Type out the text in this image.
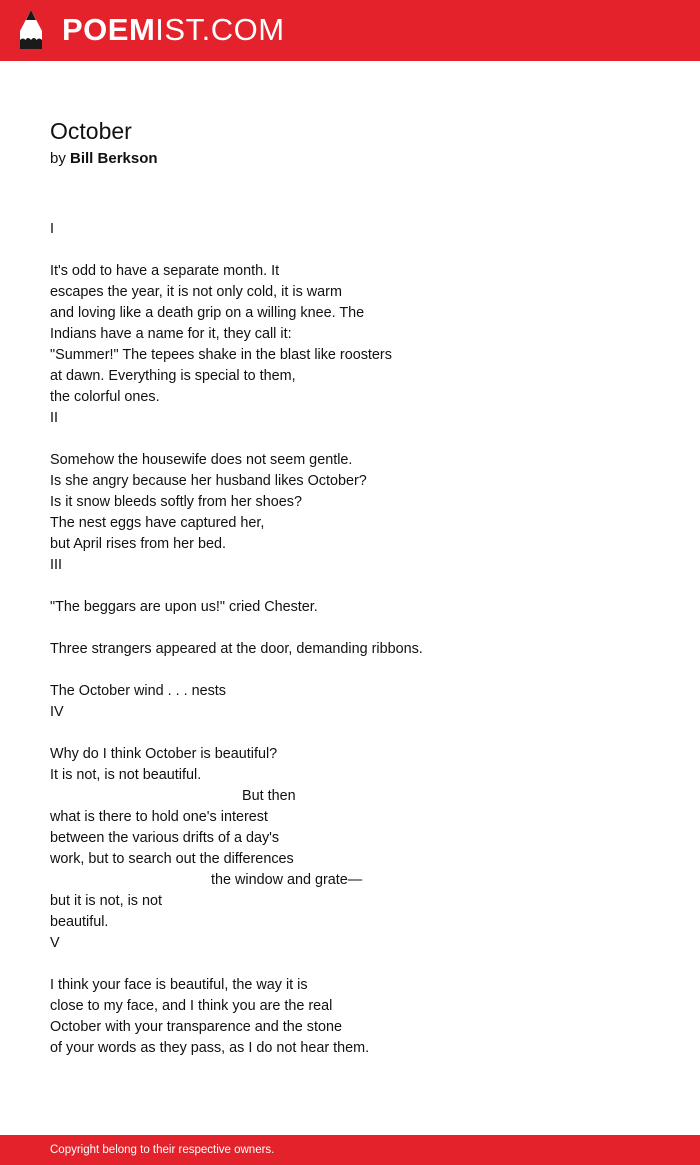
POEMIST.COM
October
by Bill Berkson
I
It's odd to have a separate month. It
escapes the year, it is not only cold, it is warm
and loving like a death grip on a willing knee. The
Indians have a name for it, they call it:
"Summer!" The tepees shake in the blast like roosters
at dawn. Everything is special to them,
the colorful ones.
II
Somehow the housewife does not seem gentle.
Is she angry because her husband likes October?
Is it snow bleeds softly from her shoes?
The nest eggs have captured her,
but April rises from her bed.
III
"The beggars are upon us!" cried Chester.
Three strangers appeared at the door, demanding ribbons.
The October wind . . . nests
IV
Why do I think October is beautiful?
It is not, is not beautiful.
But then
what is there to hold one's interest
between the various drifts of a day's
work, but to search out the differences
the window and grate—
but it is not, is not
beautiful.
V
I think your face is beautiful, the way it is
close to my face, and I think you are the real
October with your transparence and the stone
of your words as they pass, as I do not hear them.
Copyright belong to their respective owners.
